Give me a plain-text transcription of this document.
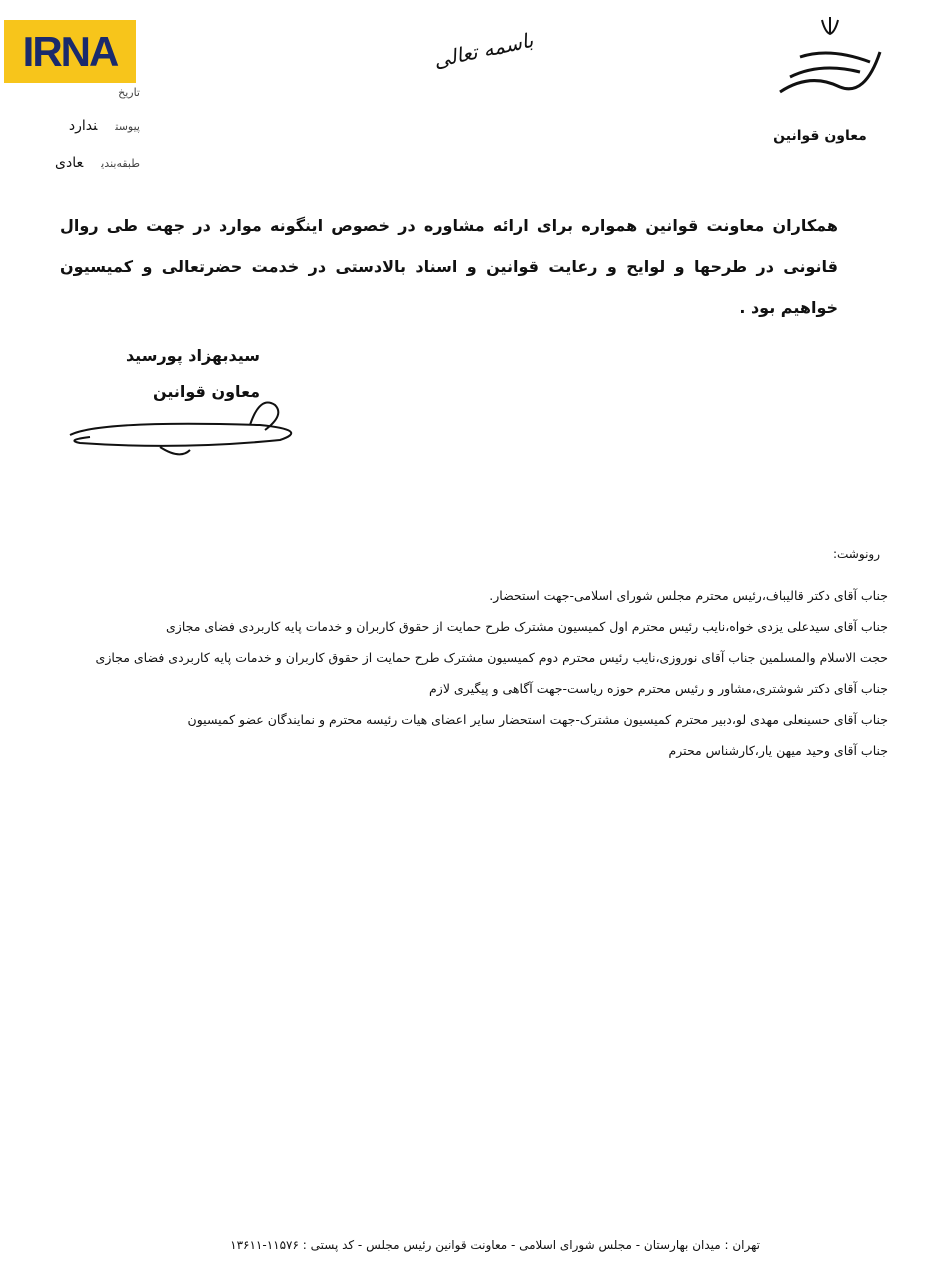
IRNA
تاریخ
پیوستندارد
طبقه‌بندیعادی
باسمه تعالی
معاون قوانین
همکاران معاونت قوانین همواره برای ارائه مشاوره در خصوص اینگونه موارد در جهت طی روال قانونی در طرحها و لوایح و رعایت قوانین و اسناد بالادستی در خدمت حضرتعالی و کمیسیون خواهیم بود .
سیدبهزاد پورسید
معاون قوانین
رونوشت:
جناب آقای دکتر قالیباف،رئیس محترم مجلس شورای اسلامی-جهت استحضار.
جناب آقای سیدعلی یزدی خواه،نایب رئیس محترم اول کمیسیون مشترک طرح حمایت از حقوق کاربران و خدمات پایه کاربردی فضای مجازی
حجت الاسلام والمسلمین جناب آقای نوروزی،نایب رئیس محترم دوم کمیسیون مشترک طرح حمایت از حقوق کاربران و خدمات پایه کاربردی فضای مجازی
جناب آقای دکتر شوشتری،مشاور و رئیس محترم حوزه ریاست-جهت آگاهی و پیگیری لازم
جناب آقای حسینعلی مهدی لو،دبیر محترم کمیسیون مشترک-جهت استحضار سایر اعضای هیات رئیسه محترم و نمایندگان عضو کمیسیون
جناب آقای وحید میهن یار،کارشناس محترم
تهران : میدان بهارستان - مجلس شورای اسلامی - معاونت قوانین رئیس مجلس - کد پستی : ۱۱۵۷۶-۱۳۶۱۱
